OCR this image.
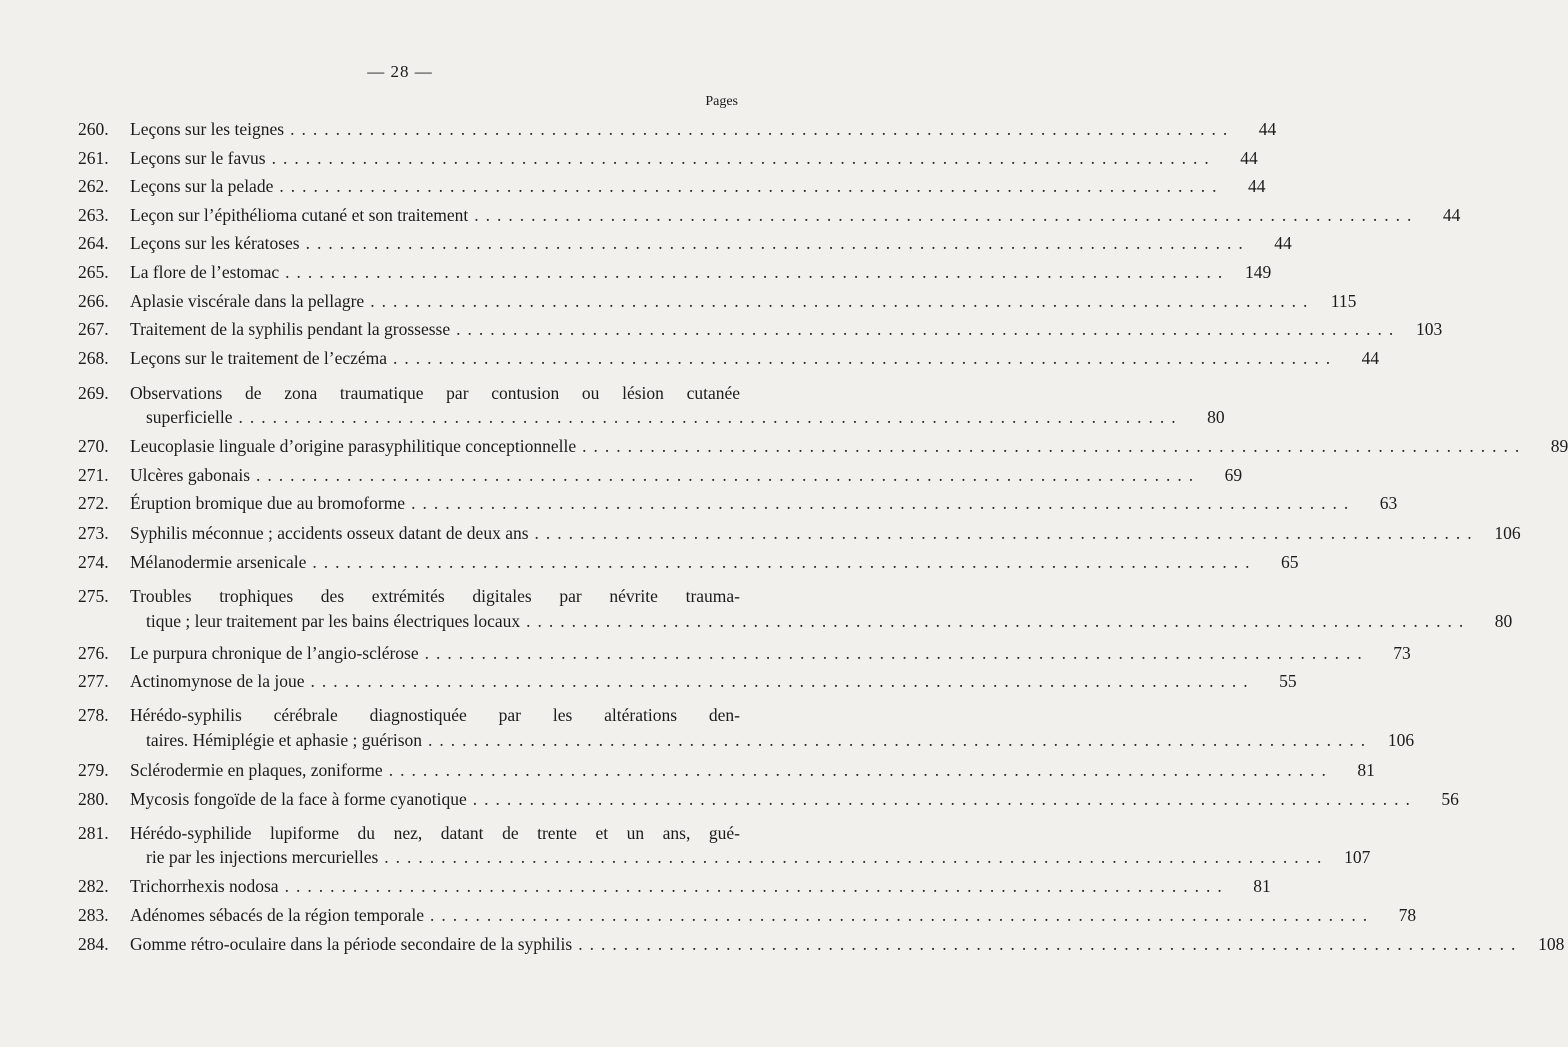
— 28 —
Pages
260.	Leçons sur les teignes ...................................................................................	44
261.	Leçons sur le favus ...................................................................................	44
262.	Leçons sur la pelade ...................................................................................	44
263.	Leçon sur l’épithélioma cutané et son traitement ...................................................................................	44
264.	Leçons sur les kératoses ...................................................................................	44
265.	La flore de l’estomac ................................................................................... 149
266.	Aplasie viscérale dans la pellagre ................................................................................... 115
267.	Traitement de la syphilis pendant la grossesse ................................................................................... 103
268.	Leçons sur le traitement de l’eczéma ...................................................................................	44
269.	Observations de zona traumatique par contusion ou lésion cutanée
superficielle ...................................................................................	80
270.	Leucoplasie linguale d’origine parasyphilitique conceptionnelle ...................................................................................	89
271.	Ulcères gabonais ...................................................................................	69
272.	Éruption bromique due au bromoforme ...................................................................................	63
273.	Syphilis méconnue ; accidents osseux datant de deux ans ................................................................................... 106
274.	Mélanodermie arsenicale ...................................................................................	65
275.	Troubles trophiques des extrémités digitales par névrite trauma-
tique ; leur traitement par les bains électriques locaux ...................................................................................	80
276.	Le purpura chronique de l’angio-sclérose ...................................................................................	73
277.	Actinomynose de la joue ...................................................................................	55
278.	Hérédo-syphilis cérébrale diagnostiquée par les altérations den-
taires. Hémiplégie et aphasie ; guérison ................................................................................... 106
279.	Sclérodermie en plaques, zoniforme ...................................................................................	81
280.	Mycosis fongoïde de la face à forme cyanotique ...................................................................................	56
281.	Hérédo-syphilide lupiforme du nez, datant de trente et un ans, gué-
rie par les injections mercurielles ................................................................................... 107
282.	Trichorrhexis nodosa ...................................................................................	81
283.	Adénomes sébacés de la région temporale ...................................................................................	78
284.	Gomme rétro-oculaire dans la période secondaire de la syphilis ................................................................................... 108
